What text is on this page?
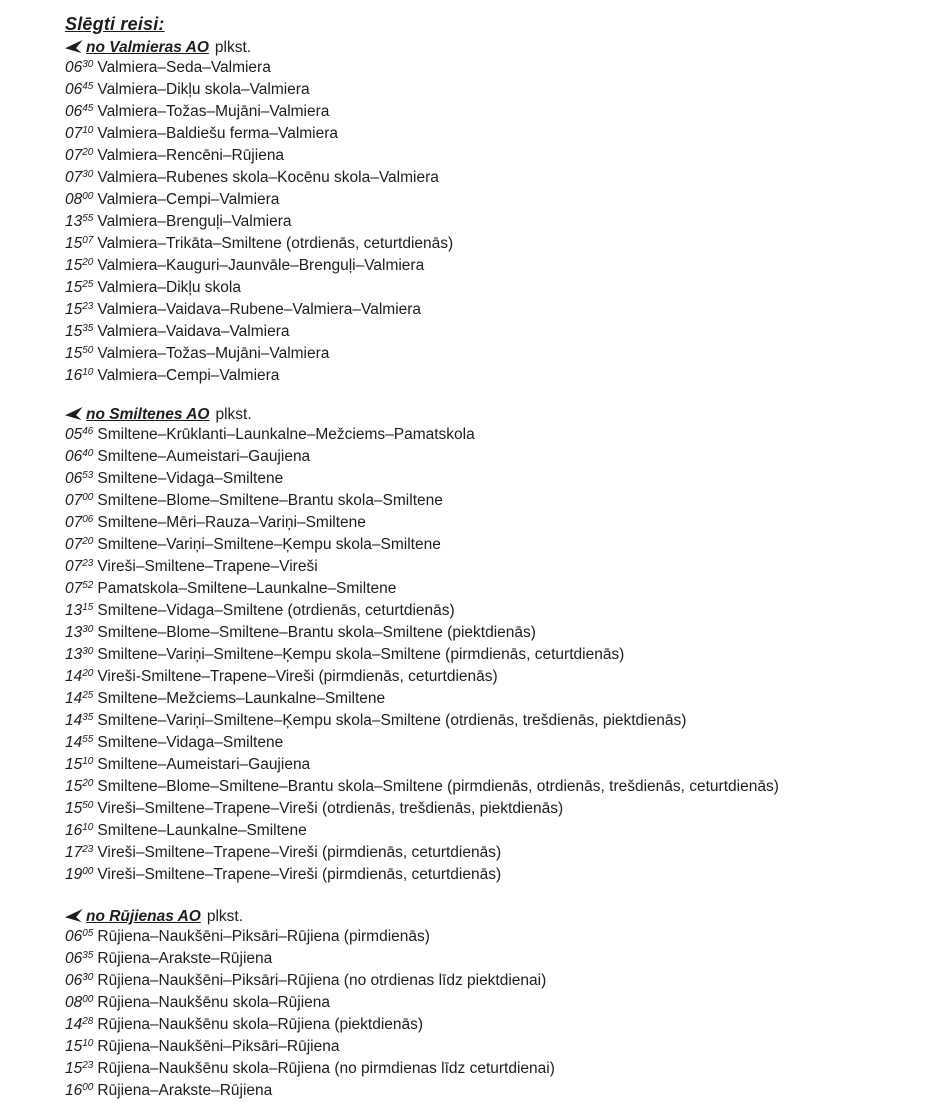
Slēgti reisi:
no Valmieras AO plkst.
$06^{30}$ Valmiera–Seda–Valmiera
$06^{45}$ Valmiera–Dikļu skola–Valmiera
$06^{45}$ Valmiera–Tožas–Mujāni–Valmiera
$07^{10}$ Valmiera–Baldiešu ferma–Valmiera
$07^{20}$ Valmiera–Rencēni–Rūjiena
$07^{30}$ Valmiera–Rubenes skola–Kocēnu skola–Valmiera
$08^{00}$ Valmiera–Cempi–Valmiera
$13^{55}$ Valmiera–Brenguļi–Valmiera
$15^{07}$ Valmiera–Trikāta–Smiltene (otrdienās, ceturtdienās)
$15^{20}$ Valmiera–Kauguri–Jaunvāle–Brenguļi–Valmiera
$15^{25}$ Valmiera–Dikļu skola
$15^{23}$ Valmiera–Vaidava–Rubene–Valmiera–Valmiera
$15^{35}$ Valmiera–Vaidava–Valmiera
$15^{50}$ Valmiera–Tožas–Mujāni–Valmiera
$16^{10}$ Valmiera–Cempi–Valmiera
no Smiltenes AO plkst.
$05^{46}$ Smiltene–Krūklanti–Launkalne–Mežciems–Pamatskola
$06^{40}$ Smiltene–Aumeistari–Gaujiena
$06^{53}$ Smiltene–Vidaga–Smiltene
$07^{00}$ Smiltene–Blome–Smiltene–Brantu skola–Smiltene
$07^{06}$ Smiltene–Mēri–Rauza–Variņi–Smiltene
$07^{20}$ Smiltene–Variņi–Smiltene–Ķempu skola–Smiltene
$07^{23}$ Vireši–Smiltene–Trapene–Vireši
$07^{52}$ Pamatskola–Smiltene–Launkalne–Smiltene
$13^{15}$ Smiltene–Vidaga–Smiltene (otrdienās, ceturtdienās)
$13^{30}$ Smiltene–Blome–Smiltene–Brantu skola–Smiltene (piektdienās)
$13^{30}$ Smiltene–Variņi–Smiltene–Ķempu skola–Smiltene (pirmdienās, ceturtdienās)
$14^{20}$ Vireši-Smiltene–Trapene–Vireši (pirmdienās, ceturtdienās)
$14^{25}$ Smiltene–Mežciems–Launkalne–Smiltene
$14^{35}$ Smiltene–Variņi–Smiltene–Ķempu skola–Smiltene (otrdienās, trešdienās, piektdienās)
$14^{55}$ Smiltene–Vidaga–Smiltene
$15^{10}$ Smiltene–Aumeistari–Gaujiena
$15^{20}$ Smiltene–Blome–Smiltene–Brantu skola–Smiltene (pirmdienās, otrdienās, trešdienās, ceturtdienās)
$15^{50}$ Vireši–Smiltene–Trapene–Vireši (otrdienās, trešdienās, piektdienās)
$16^{10}$ Smiltene–Launkalne–Smiltene
$17^{23}$ Vireši–Smiltene–Trapene–Vireši (pirmdienās, ceturtdienās)
$19^{00}$ Vireši–Smiltene–Trapene–Vireši (pirmdienās, ceturtdienās)
no Rūjienas AO plkst.
$06^{05}$ Rūjiena–Naukšēni–Piksāri–Rūjiena (pirmdienās)
$06^{35}$ Rūjiena–Arakste–Rūjiena
$06^{30}$ Rūjiena–Naukšēni–Piksāri–Rūjiena (no otrdienas līdz piektdienai)
$08^{00}$ Rūjiena–Naukšēnu skola–Rūjiena
$14^{28}$ Rūjiena–Naukšēnu skola–Rūjiena (piektdienās)
$15^{10}$ Rūjiena–Naukšēni–Piksāri–Rūjiena
$15^{23}$ Rūjiena–Naukšēnu skola–Rūjiena (no pirmdienas līdz ceturtdienai)
$16^{00}$ Rūjiena–Arakste–Rūjiena
